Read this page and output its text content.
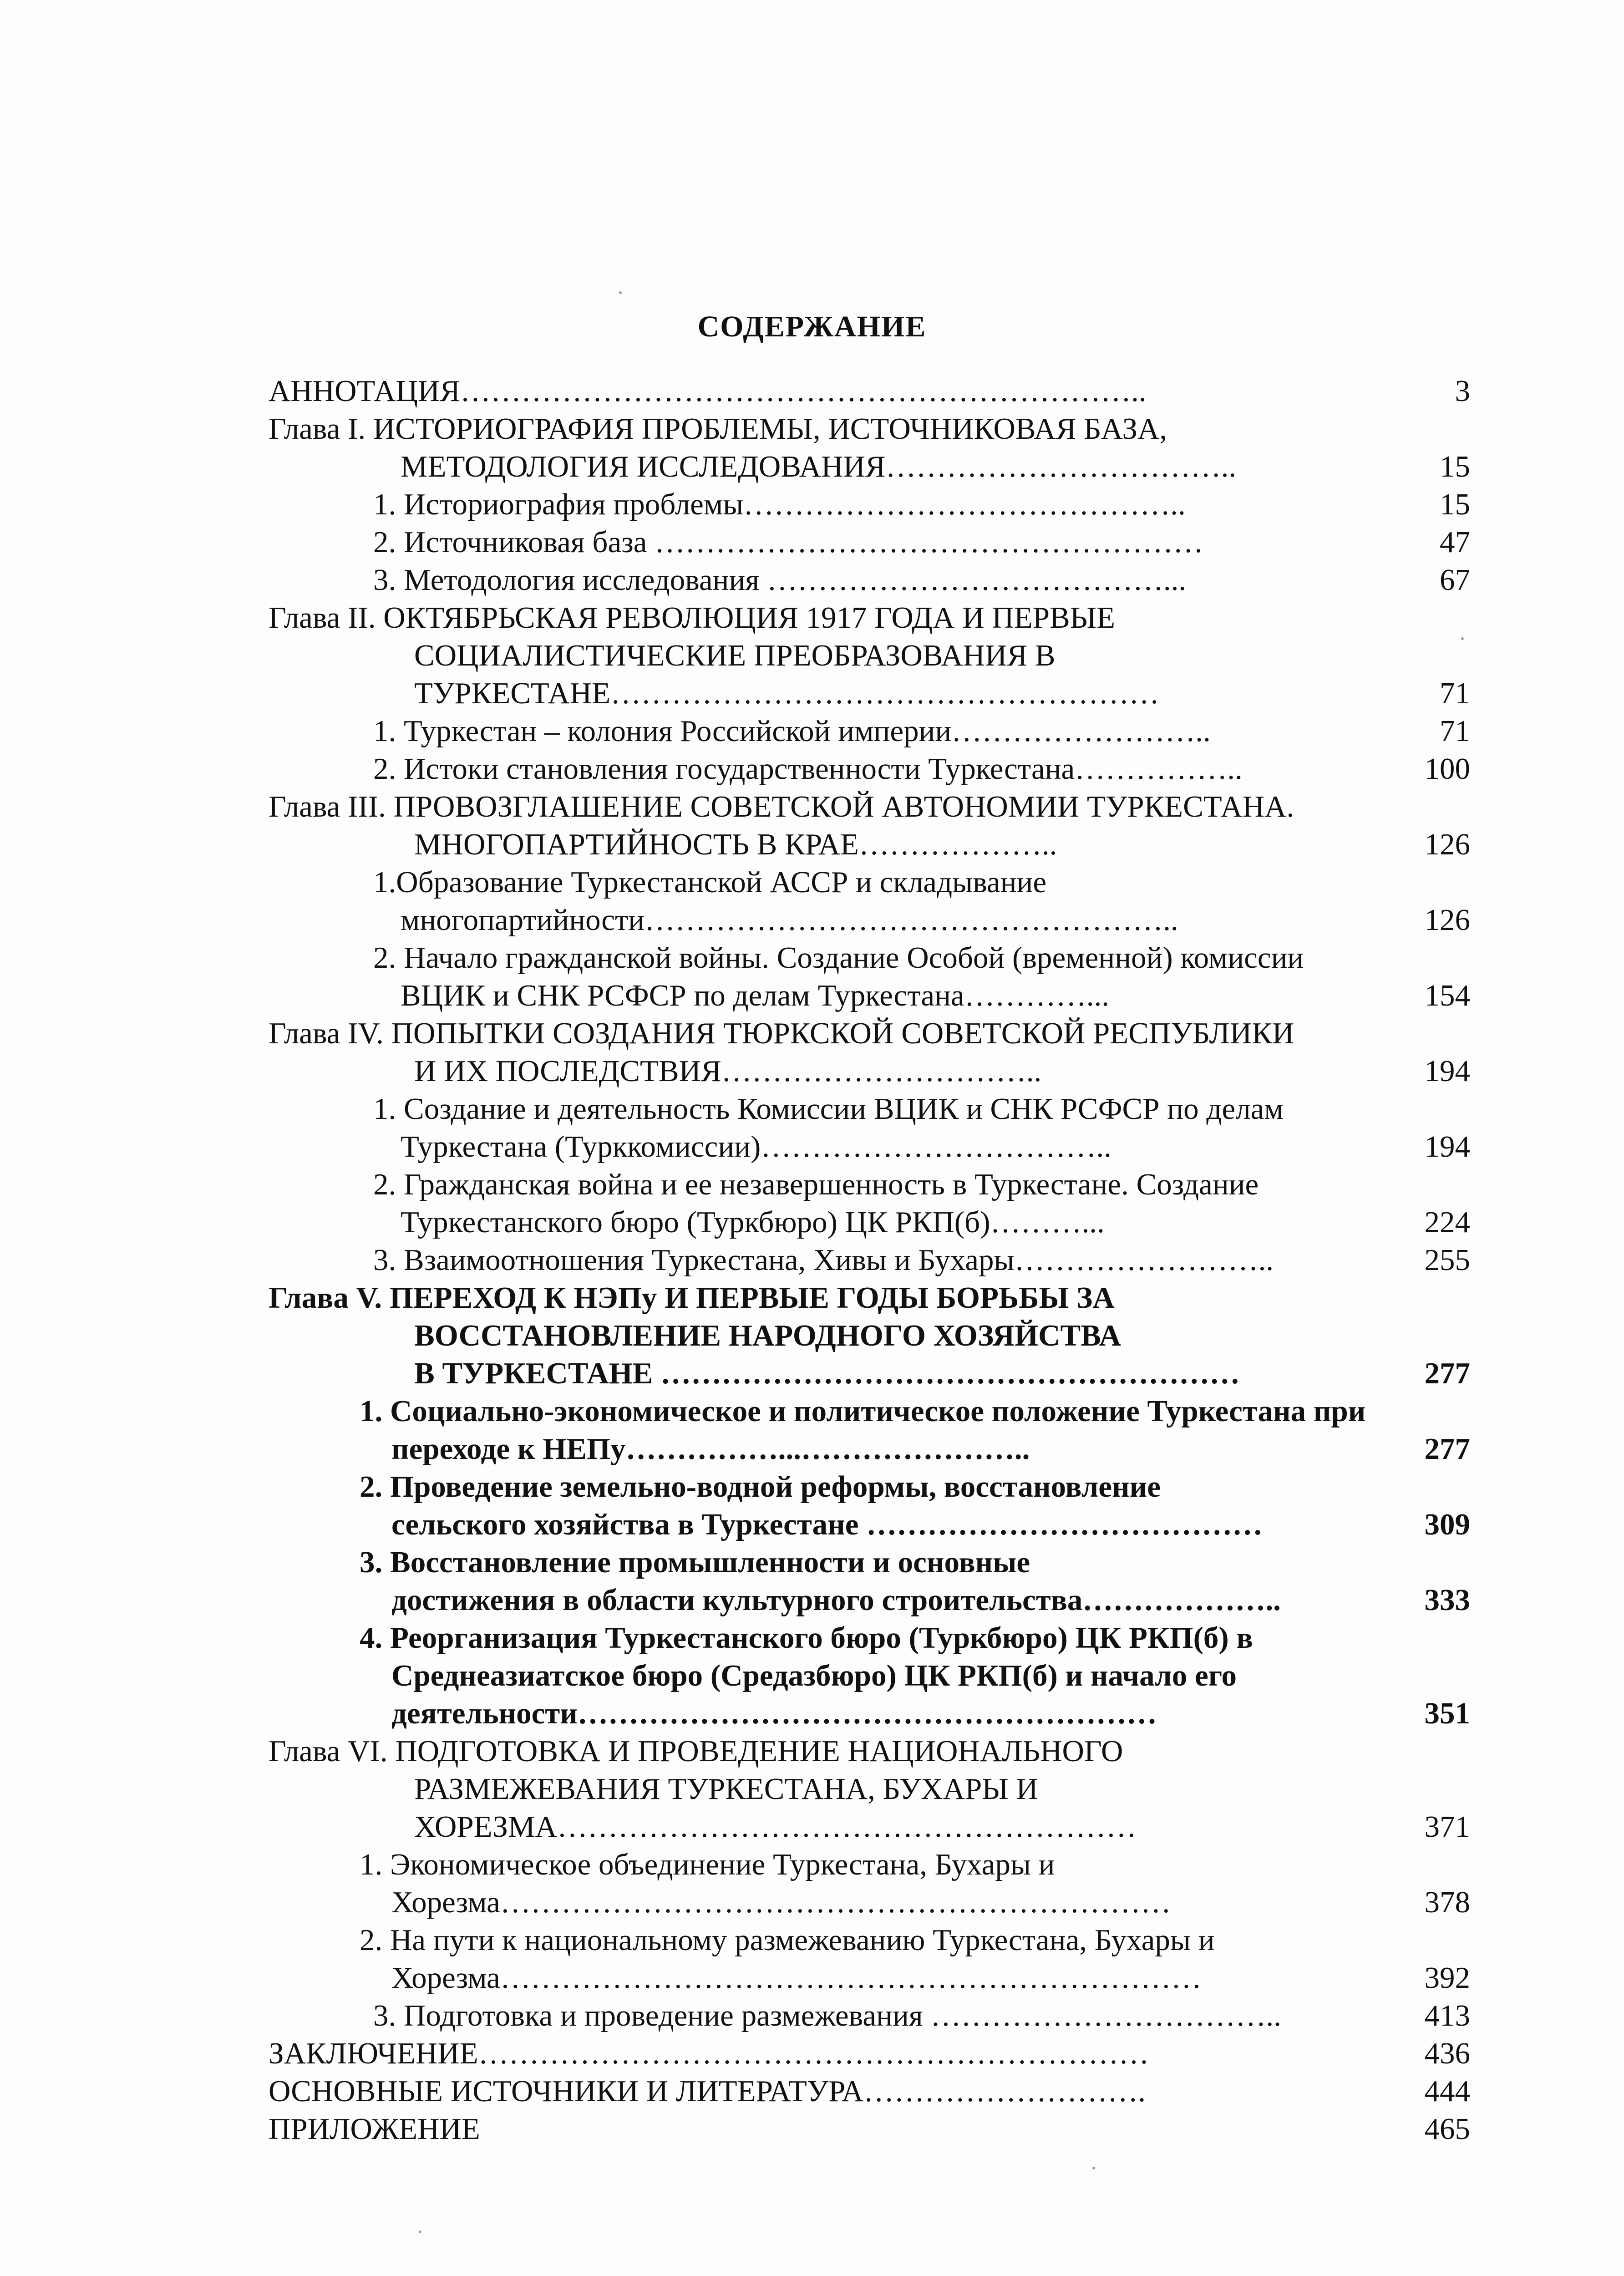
СОДЕРЖАНИЕ
АННОТАЦИЯ…………………………………………………………..	3
Глава I. ИСТОРИОГРАФИЯ ПРОБЛЕМЫ, ИСТОЧНИКОВАЯ БАЗА,
МЕТОДОЛОГИЯ ИССЛЕДОВАНИЯ……………………………..	15
1. Историография проблемы……………………………………..	15
2. Источниковая база ………………………………………………	47
3. Методология исследования …………………………………...	67
Глава II. ОКТЯБРЬСКАЯ РЕВОЛЮЦИЯ 1917 ГОДА И ПЕРВЫЕ
СОЦИАЛИСТИЧЕСКИЕ ПРЕОБРАЗОВАНИЯ В
ТУРКЕСТАНЕ………………………………………………	71
1. Туркестан – колония Российской империи……………………..	71
2. Истоки становления государственности Туркестана……………..	100
Глава III. ПРОВОЗГЛАШЕНИЕ СОВЕТСКОЙ АВТОНОМИИ ТУРКЕСТАНА.
МНОГОПАРТИЙНОСТЬ В КРАЕ………………..	126
1.Образование Туркестанской АССР и складывание
многопартийности……………………………………………..	126
2. Начало гражданской войны. Создание Особой (временной) комиссии
ВЦИК и СНК РСФСР по делам Туркестана…………...	154
Глава IV. ПОПЫТКИ СОЗДАНИЯ ТЮРКСКОЙ СОВЕТСКОЙ РЕСПУБЛИКИ
И ИХ ПОСЛЕДСТВИЯ…………………………..	194
1. Создание и деятельность Комиссии ВЦИК и СНК РСФСР по делам
Туркестана (Турккомиссии)……………………………..	194
2. Гражданская война и ее незавершенность в Туркестане. Создание
Туркестанского бюро (Туркбюро) ЦК РКП(б)………...	224
3. Взаимоотношения Туркестана, Хивы и Бухары……………………..	255
Глава V. ПЕРЕХОД К НЭПу И ПЕРВЫЕ ГОДЫ БОРЬБЫ ЗА
ВОССТАНОВЛЕНИЕ НАРОДНОГО ХОЗЯЙСТВА
В ТУРКЕСТАНЕ …………………………………………………	277
1. Социально-экономическое и политическое положение Туркестана при
переходе к НЕПу……………...…………………..	277
2. Проведение земельно-водной реформы, восстановление
сельского хозяйства в Туркестане …………………………………	309
3. Восстановление промышленности и основные
достижения в области культурного строительства………………..	333
4. Реорганизация Туркестанского бюро (Туркбюро) ЦК РКП(б) в
Среднеазиатское бюро (Средазбюро) ЦК РКП(б) и начало его
деятельности…………………………………………………	351
Глава VI. ПОДГОТОВКА И ПРОВЕДЕНИЕ НАЦИОНАЛЬНОГО
РАЗМЕЖЕВАНИЯ ТУРКЕСТАНА, БУХАРЫ И
ХОРЕЗМА…………………………………………………	371
1. Экономическое объединение Туркестана, Бухары и
Хорезма…………………………………………………………	378
2. На пути к национальному размежеванию Туркестана, Бухары и
Хорезма……………………………………………………………	392
3. Подготовка и проведение размежевания ……………………………..	413
ЗАКЛЮЧЕНИЕ…………………………………………………………	436
ОСНОВНЫЕ ИСТОЧНИКИ И ЛИТЕРАТУРА……………………….	444
ПРИЛОЖЕНИЕ	465
